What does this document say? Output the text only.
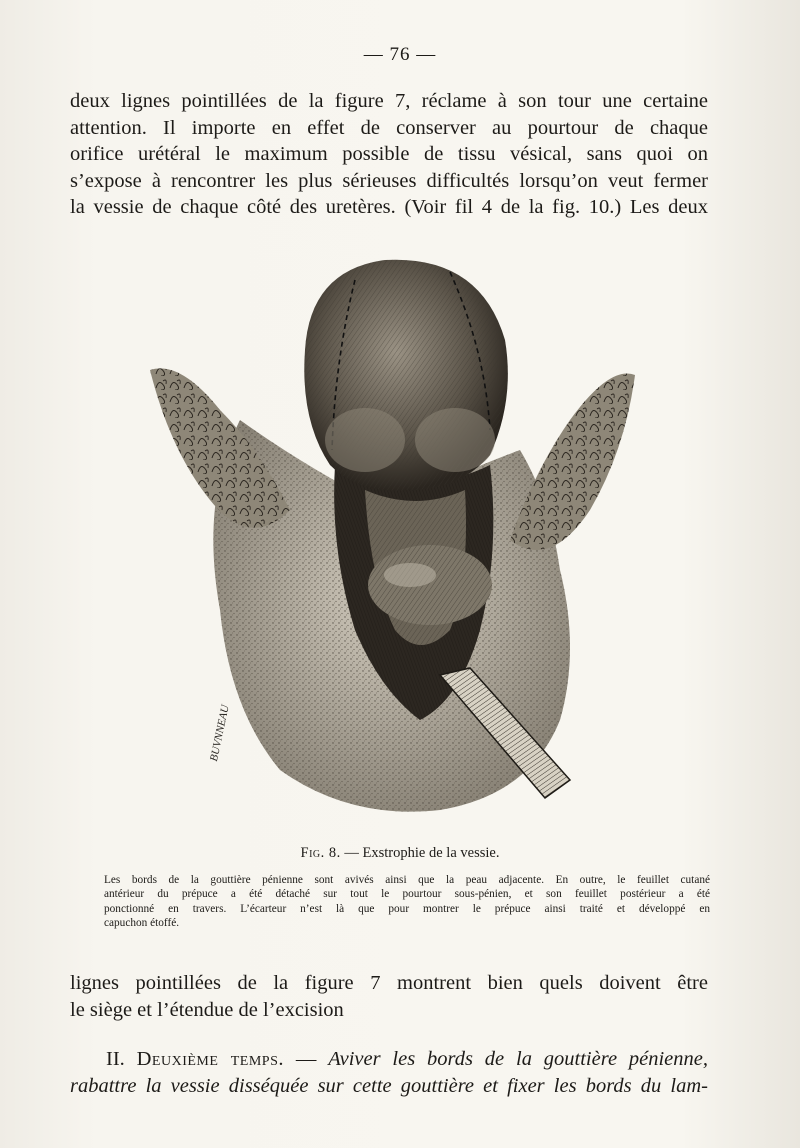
— 76 —
deux lignes pointillées de la figure 7, réclame à son tour une certaine
attention. Il importe en effet de conserver au pourtour de chaque
orifice urétéral le maximum possible de tissu vésical, sans quoi on
s’expose à rencontrer les plus sérieuses difficultés lorsqu’on veut fermer
la vessie de chaque côté des uretères. (Voir fil 4 de la fig. 10.) Les deux
BUVNNEAU
Fig. 8. — Exstrophie de la vessie.
Les bords de la gouttière pénienne sont avivés ainsi que la peau adjacente. En outre, le feuillet cutané
antérieur du prépuce a été détaché sur tout le pourtour sous-pénien, et son feuillet postérieur a été
ponctionné en travers. L’écarteur n’est là que pour montrer le prépuce ainsi traité et développé en
capuchon étoffé.
lignes pointillées de la figure 7 montrent bien quels doivent être
le siège et l’étendue de l’excision
II. Deuxième temps. — Aviver les bords de la gouttière pénienne,
rabattre la vessie disséquée sur cette gouttière et fixer les bords du lam-
